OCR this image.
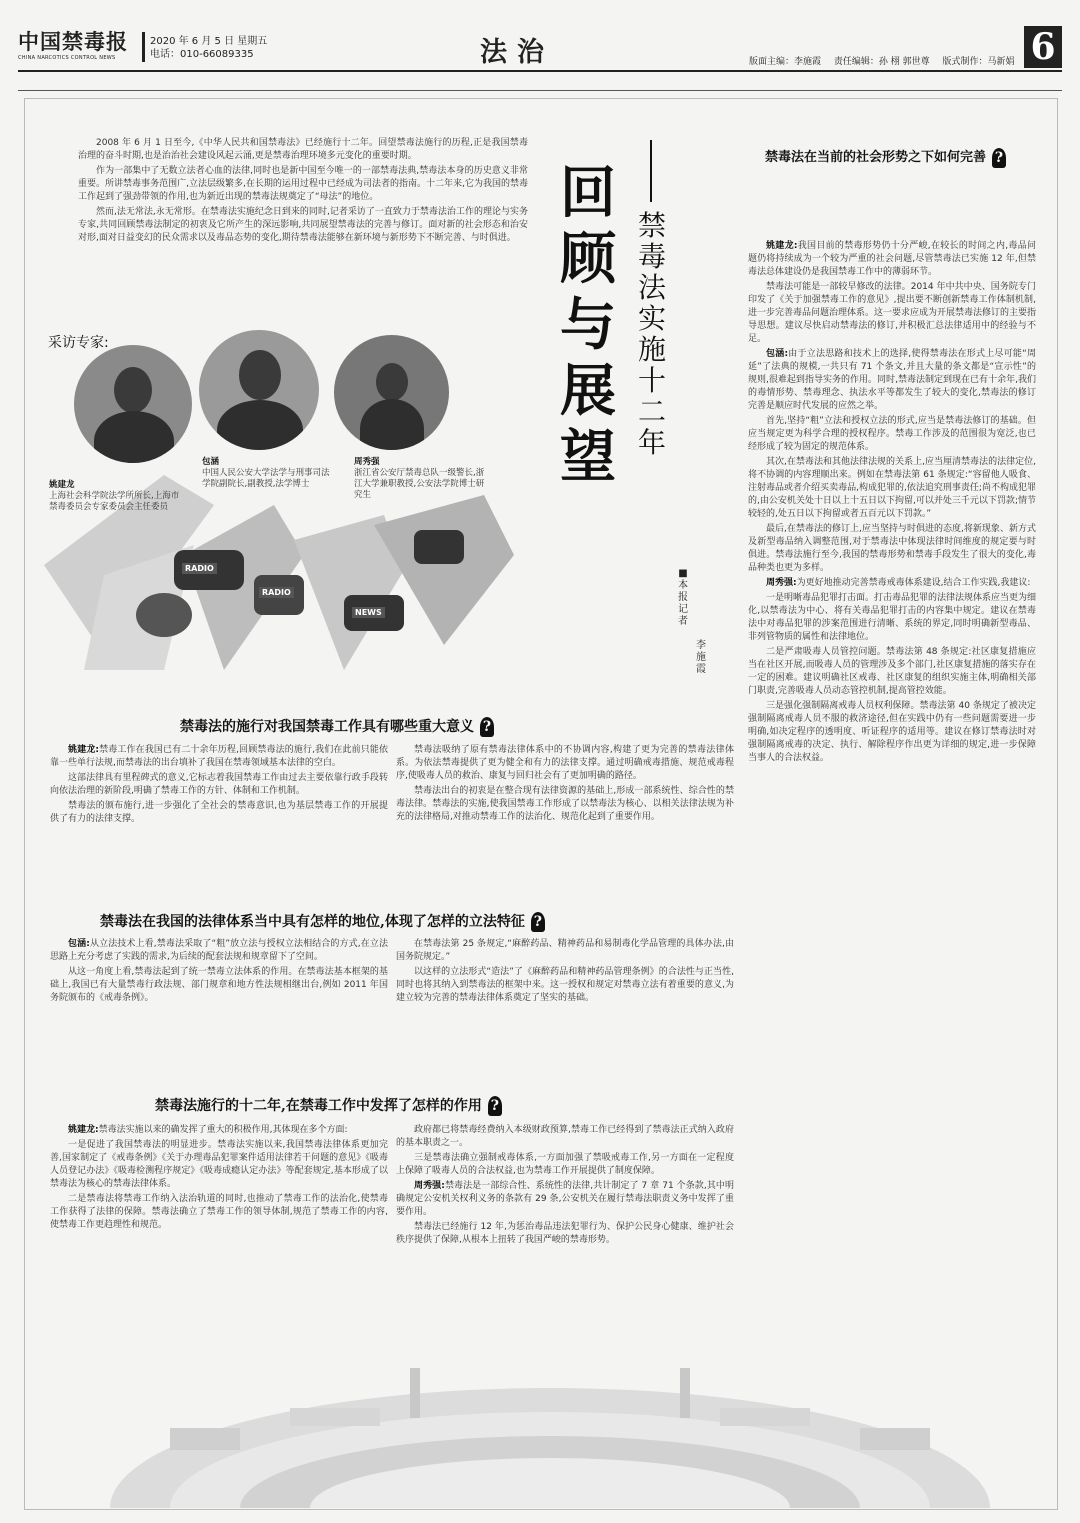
中国禁毒报
CHINA NARCOTICS CONTROL NEWS
2020 年 6 月 5 日 星期五
电话：010-66089335	法治	版面主编：李施霞 责任编辑：孙 栩 郭世尊 版式制作：马新娟 6

2008 年 6 月 1 日至今,《中华人民共和国禁毒法》已经施行十二年。回望禁毒法施行的历程,正是我国禁毒治理的奋斗时期,也是治治社会建设风起云涌,更是禁毒治理环境多元变化的重要时期。

作为一部集中了无数立法者心血的法律,同时也是新中国至今唯一的一部禁毒法典,禁毒法本身的历史意义非常重要。所讲禁毒事务范围广,立法层级繁多,在长期的运用过程中已经成为司法者的指南。十二年来,它为我国的禁毒工作起到了强劲带领的作用,也为新近出现的禁毒法规奠定了“母法”的地位。

然而,法无常法,永无常形。在禁毒法实施纪念日到来的同时,记者采访了一直致力于禁毒法治工作的理论与实务专家,共同回顾禁毒法制定的初衷及它所产生的深远影响,共同展望禁毒法的完善与修订。面对新的社会形态和治安对形,面对日益变幻的民众需求以及毒品态势的变化,期待禁毒法能够在新环境与新形势下不断完善、与时俱进。

RADIO
RADIO
NEWS
姚建龙
上海社会科学院法学所所长,上海市禁毒委员会专家委员会主任委员
包涵
中国人民公安大学法学与刑事司法学院副院长,副教授,法学博士
周秀强
浙江省公安厅禁毒总队一级警长,浙江大学兼职教授,公安法学院博士研究生
采访专家:
回顾与展望
禁毒法实施十二年
■本报记者
李施霞
禁毒法在当前的社会形势之下如何完善 ?

姚建龙:我国目前的禁毒形势仍十分严峻,在较长的时间之内,毒品问题仍将持续成为一个较为严重的社会问题,尽管禁毒法已实施 12 年,但禁毒法总体建设仍是我国禁毒工作中的薄弱环节。

禁毒法可能是一部较早修改的法律。2014 年中共中央、国务院专门印发了《关于加强禁毒工作的意见》,提出要不断创新禁毒工作体制机制,进一步完善毒品问题治理体系。这一要求应成为开展禁毒法修订的主要指导思想。建议尽快启动禁毒法的修订,并积极汇总法律适用中的经验与不足。

包涵:由于立法思路和技术上的选择,使得禁毒法在形式上尽可能“周延”了法典的规模,一共只有 71 个条文,并且大量的条文都是“宣示性”的规则,很难起到指导实务的作用。同时,禁毒法制定到现在已有十余年,我们的毒情形势、禁毒理念、执法水平等都发生了较大的变化,禁毒法的修订完善是顺应时代发展的应然之举。

首先,坚持“粗”立法和授权立法的形式,应当是禁毒法修订的基础。但应当规定更为科学合理的授权程序。禁毒工作涉及的范围很为宽泛,也已经形成了较为固定的规范体系。

其次,在禁毒法和其他法律法规的关系上,应当厘清禁毒法的法律定位,将不协调的内容理顺出来。例如在禁毒法第 61 条规定:“容留他人吸食、注射毒品或者介绍买卖毒品,构成犯罪的,依法追究刑事责任;尚不构成犯罪的,由公安机关处十日以上十五日以下拘留,可以并处三千元以下罚款;情节较轻的,处五日以下拘留或者五百元以下罚款。”

最后,在禁毒法的修订上,应当坚持与时俱进的态度,将新现象、新方式及新型毒品纳入调整范围,对于禁毒法中体现法律时间维度的规定要与时俱进。禁毒法施行至今,我国的禁毒形势和禁毒手段发生了很大的变化,毒品种类也更为多样。

周秀强:为更好地推动完善禁毒戒毒体系建设,结合工作实践,我建议:

一是明晰毒品犯罪打击面。打击毒品犯罪的法律法规体系应当更为细化,以禁毒法为中心、将有关毒品犯罪打击的内容集中规定。建议在禁毒法中对毒品犯罪的涉案范围进行清晰、系统的界定,同时明确新型毒品、非列管物质的属性和法律地位。

二是严肃吸毒人员管控问题。禁毒法第 48 条规定:社区康复措施应当在社区开展,而吸毒人员的管理涉及多个部门,社区康复措施的落实存在一定的困难。建议明确社区戒毒、社区康复的组织实施主体,明确相关部门职责,完善吸毒人员动态管控机制,提高管控效能。

三是强化强制隔离戒毒人员权利保障。禁毒法第 40 条规定了被决定强制隔离戒毒人员不服的救济途径,但在实践中仍有一些问题需要进一步明确,如决定程序的透明度、听证程序的适用等。建议在修订禁毒法时对强制隔离戒毒的决定、执行、解除程序作出更为详细的规定,进一步保障当事人的合法权益。

禁毒法的施行对我国禁毒工作具有哪些重大意义 ?

姚建龙:禁毒工作在我国已有二十余年历程,回顾禁毒法的施行,我们在此前只能依靠一些单行法规,而禁毒法的出台填补了我国在禁毒领域基本法律的空白。

这部法律具有里程碑式的意义,它标志着我国禁毒工作由过去主要依靠行政手段转向依法治理的新阶段,明确了禁毒工作的方针、体制和工作机制。

禁毒法的颁布施行,进一步强化了全社会的禁毒意识,也为基层禁毒工作的开展提供了有力的法律支撑。

禁毒法吸纳了原有禁毒法律体系中的不协调内容,构建了更为完善的禁毒法律体系。为依法禁毒提供了更为健全和有力的法律支撑。通过明确戒毒措施、规范戒毒程序,使吸毒人员的救治、康复与回归社会有了更加明确的路径。

禁毒法出台的初衷是在整合现有法律资源的基础上,形成一部系统性、综合性的禁毒法律。禁毒法的实施,使我国禁毒工作形成了以禁毒法为核心、以相关法律法规为补充的法律格局,对推动禁毒工作的法治化、规范化起到了重要作用。

禁毒法在我国的法律体系当中具有怎样的地位,体现了怎样的立法特征 ?

包涵:从立法技术上看,禁毒法采取了“粗”放立法与授权立法相结合的方式,在立法思路上充分考虑了实践的需求,为后续的配套法规和规章留下了空间。

从这一角度上看,禁毒法起到了统一禁毒立法体系的作用。在禁毒法基本框架的基础上,我国已有大量禁毒行政法规、部门规章和地方性法规相继出台,例如 2011 年国务院颁布的《戒毒条例》。

在禁毒法第 25 条规定,“麻醉药品、精神药品和易制毒化学品管理的具体办法,由国务院规定。”

以这样的立法形式“造法”了《麻醉药品和精神药品管理条例》的合法性与正当性,同时也将其纳入到禁毒法的框架中来。这一授权和规定对禁毒立法有着重要的意义,为建立较为完善的禁毒法律体系奠定了坚实的基础。

禁毒法施行的十二年,在禁毒工作中发挥了怎样的作用 ?

姚建龙:禁毒法实施以来的确发挥了重大的积极作用,其体现在多个方面:

一是促进了我国禁毒法的明显进步。禁毒法实施以来,我国禁毒法律体系更加完善,国家制定了《戒毒条例》《关于办理毒品犯罪案件适用法律若干问题的意见》《吸毒人员登记办法》《吸毒检测程序规定》《吸毒成瘾认定办法》等配套规定,基本形成了以禁毒法为核心的禁毒法律体系。

二是禁毒法将禁毒工作纳入法治轨道的同时,也推动了禁毒工作的法治化,使禁毒工作获得了法律的保障。禁毒法确立了禁毒工作的领导体制,规范了禁毒工作的内容,使禁毒工作更趋理性和规范。

政府都已将禁毒经费纳入本级财政预算,禁毒工作已经得到了禁毒法正式纳入政府的基本职责之一。

三是禁毒法确立强制戒毒体系,一方面加强了禁吸戒毒工作,另一方面在一定程度上保障了吸毒人员的合法权益,也为禁毒工作开展提供了制度保障。

周秀强:禁毒法是一部综合性、系统性的法律,共计制定了 7 章 71 个条款,其中明确规定公安机关权利义务的条款有 29 条,公安机关在履行禁毒法职责义务中发挥了重要作用。

禁毒法已经施行 12 年,为惩治毒品违法犯罪行为、保护公民身心健康、维护社会秩序提供了保障,从根本上扭转了我国严峻的禁毒形势。
